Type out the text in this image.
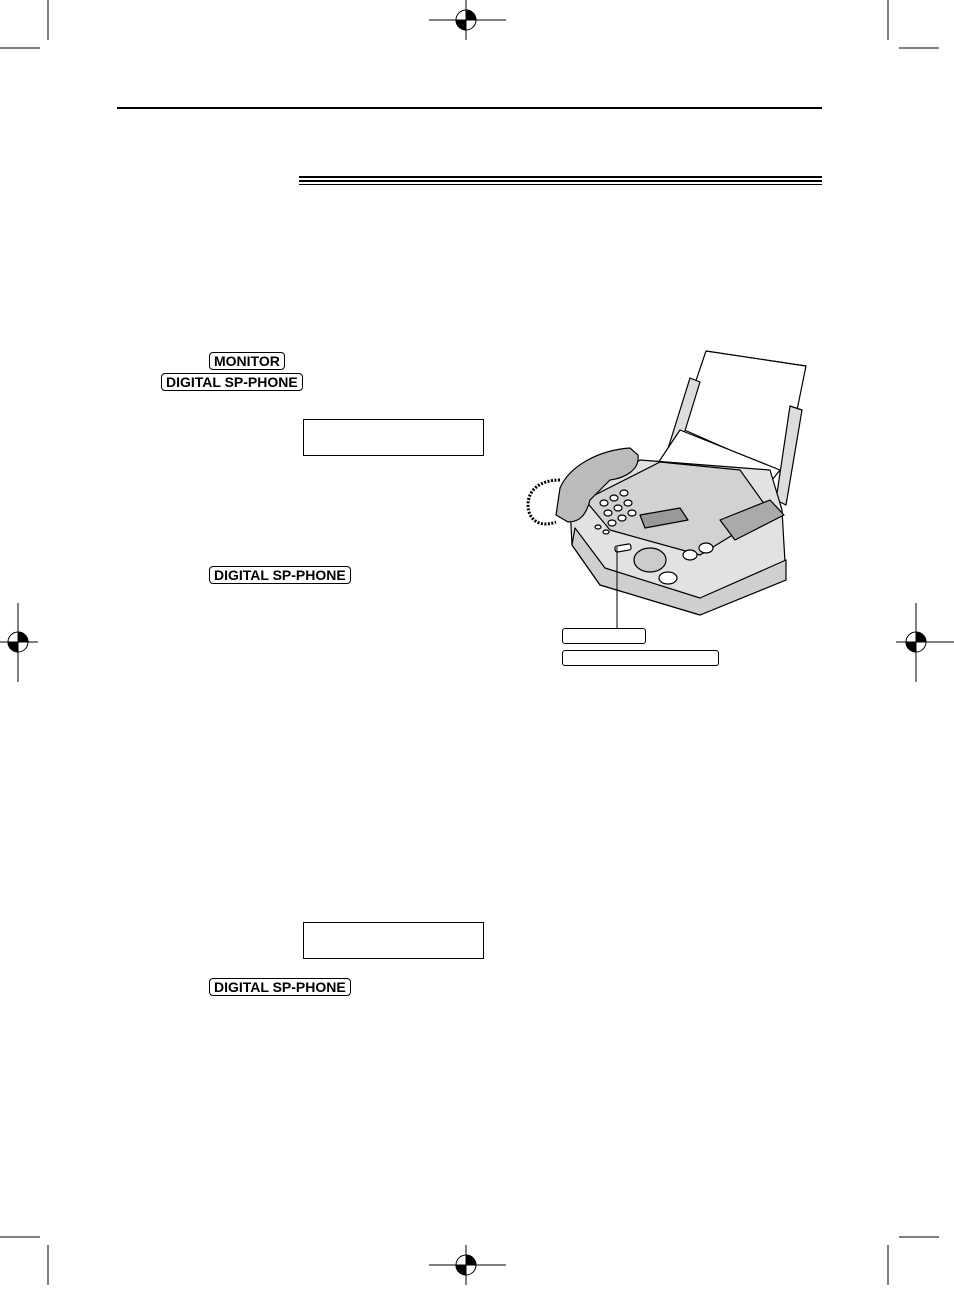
MONITOR
DIGITAL SP-PHONE
DIGITAL SP-PHONE
DIGITAL SP-PHONE
